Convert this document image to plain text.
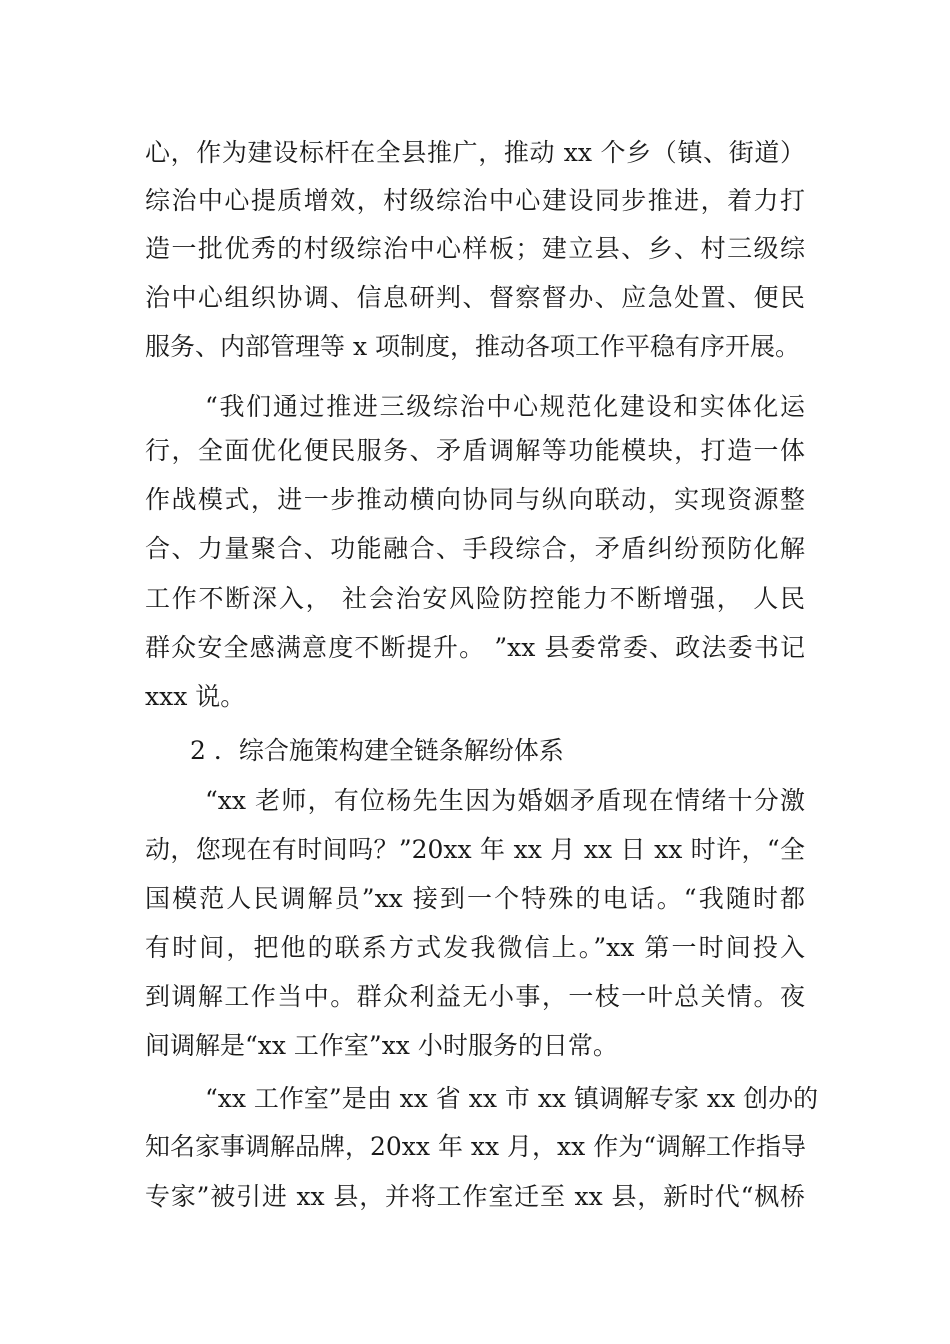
心，作为建设标杆在全县推广，推动 xx 个乡（镇、街道）
综治中心提质增效，村级综治中心建设同步推进，着力打
造一批优秀的村级综治中心样板；建立县、乡、村三级综
治中心组织协调、信息研判、督察督办、应急处置、便民
服务、内部管理等 x 项制度，推动各项工作平稳有序开展。
“我们通过推进三级综治中心规范化建设和实体化运
行，全面优化便民服务、矛盾调解等功能模块，打造一体
作战模式，进一步推动横向协同与纵向联动，实现资源整
合、力量聚合、功能融合、手段综合，矛盾纠纷预防化解
工作不断深入， 社会治安风险防控能力不断增强， 人民
群众安全感满意度不断提升。 ”xx 县委常委、政法委书记
xxx 说。
2 ．综合施策构建全链条解纷体系
“xx 老师，有位杨先生因为婚姻矛盾现在情绪十分激
动，您现在有时间吗？”20xx 年 xx 月 xx 日 xx 时许，“全
国模范人民调解员”xx 接到一个特殊的电话。“我随时都
有时间，把他的联系方式发我微信上。”xx 第一时间投入
到调解工作当中。群众利益无小事，一枝一叶总关情。夜
间调解是“xx 工作室”xx 小时服务的日常。
“xx 工作室”是由 xx 省 xx 市 xx 镇调解专家 xx 创办的
知名家事调解品牌，20xx 年 xx 月，xx 作为“调解工作指导
专家”被引进 xx 县，并将工作室迁至 xx 县，新时代“枫桥
